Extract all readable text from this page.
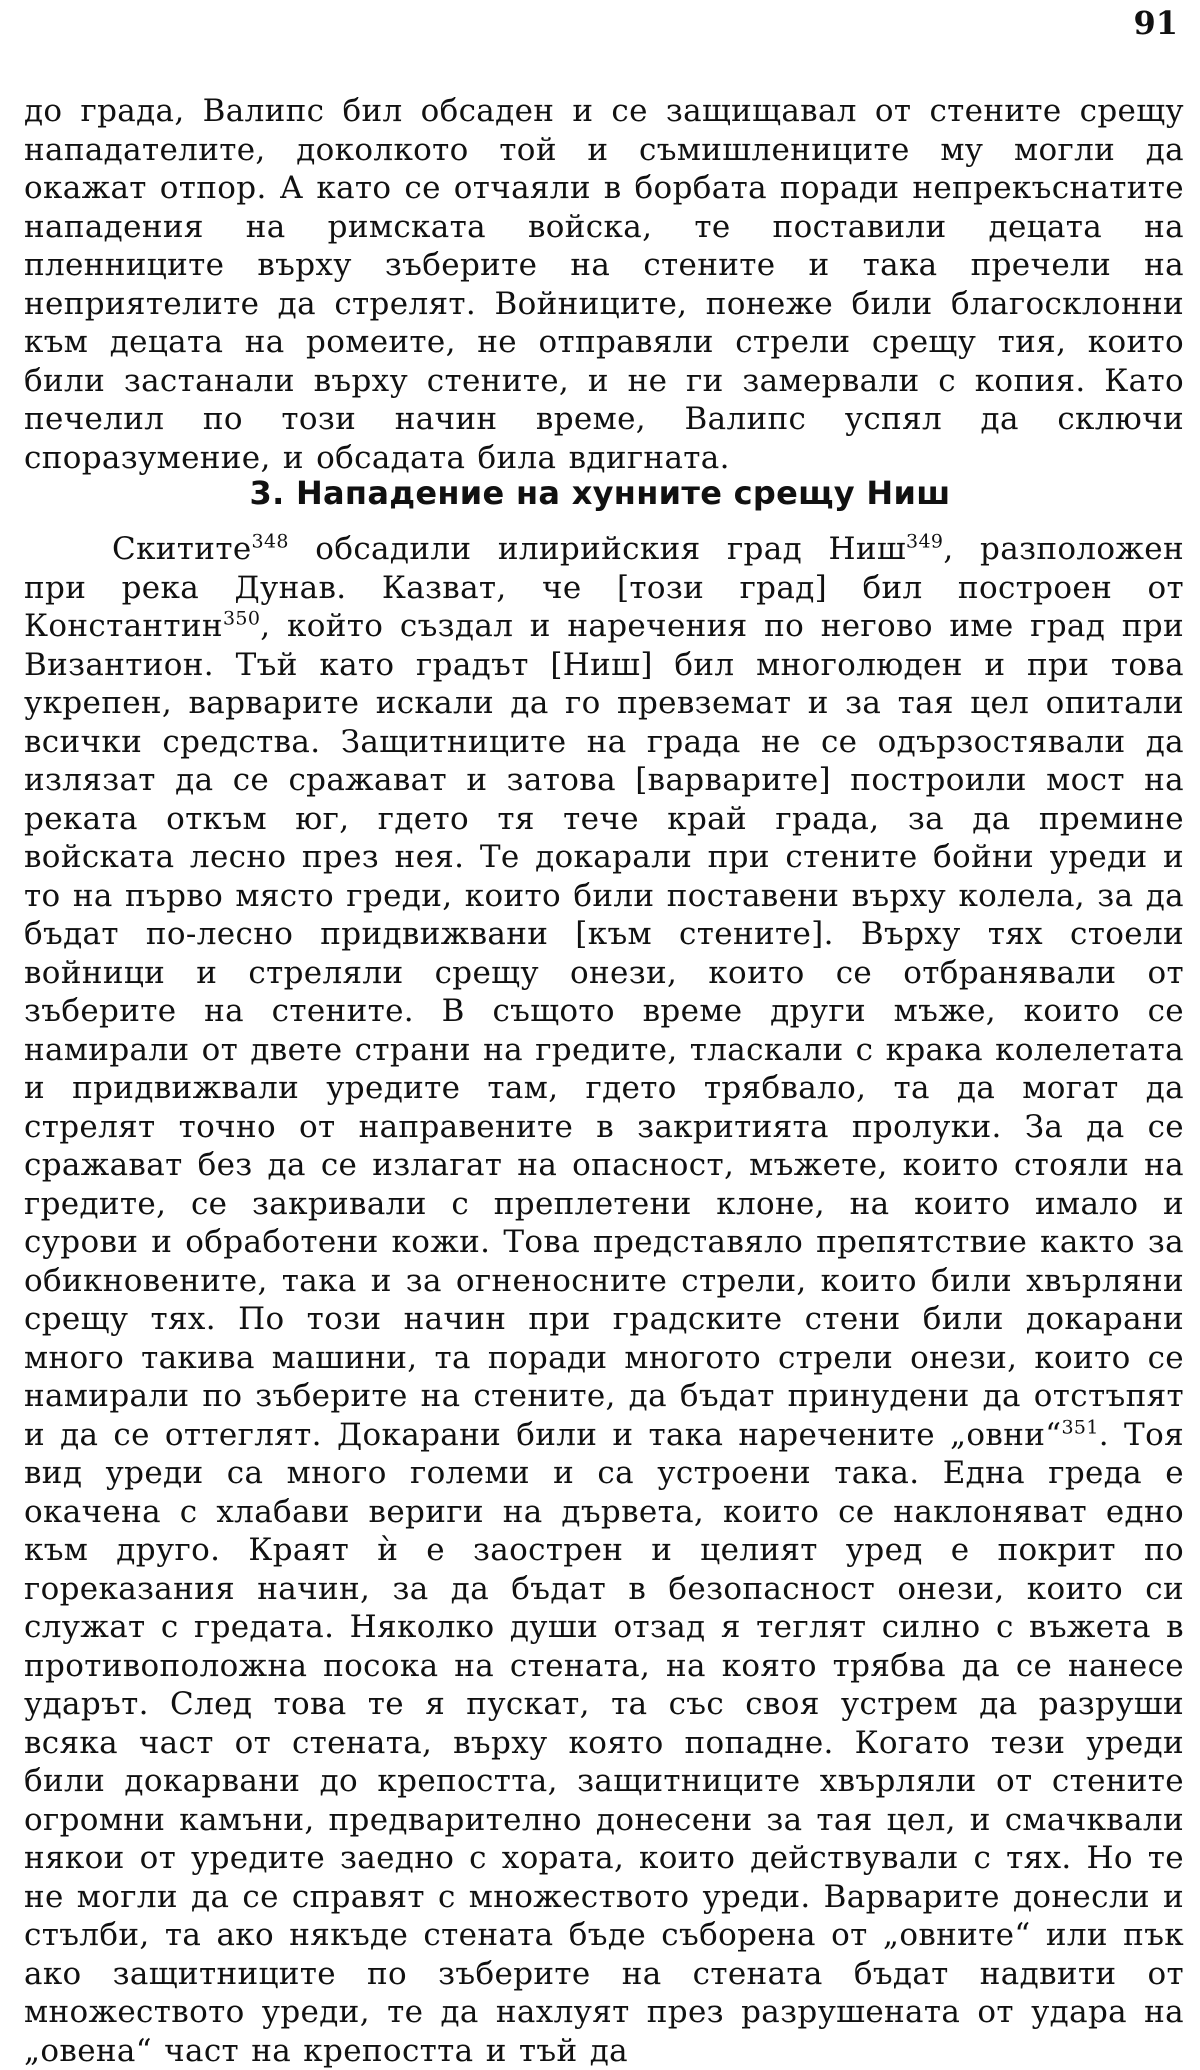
91

до града, Валипс бил обсаден и се защищавал от стените срещу нападателите, доколкото той и съмишлениците му могли да окажат отпор. А като се отчаяли в борбата поради непрекъснатите нападения на римската войска, те поставили децата на пленниците върху зъберите на стените и така пречели на неприятелите да стрелят. Войниците, понеже били благосклонни към децата на ромеите, не отправяли стрели срещу тия, които били застанали върху стените, и не ги замервали с копия. Като печелил по този начин време, Валипс успял да сключи споразумение, и обсадата била вдигната.

3. Нападение на хунните срещу Ниш

Скитите$^{348}$ обсадили илирийския град Ниш$^{349}$, разположен при река Дунав. Казват, че [този град] бил построен от Константин$^{350}$, който създал и наречения по негово име град при Византион. Тъй като градът [Ниш] бил многолюден и при това укрепен, варварите искали да го превземат и за тая цел опитали всички средства. Защитниците на града не се одързостявали да излязат да се сражават и затова [варварите] построили мост на реката откъм юг, гдето тя тече край града, за да премине войската лесно през нея. Те докарали при стените бойни уреди и то на първо място греди, които били поставени върху колела, за да бъдат по-лесно придвижвани [към стените]. Върху тях стоели войници и стреляли срещу онези, които се отбранявали от зъберите на стените. В същото време други мъже, които се намирали от двете страни на гредите, тласкали с крака колелетата и придвижвали уредите там, гдето трябвало, та да могат да стрелят точно от направените в закритията пролуки. За да се сражават без да се излагат на опасност, мъжете, които стояли на гредите, се закривали с преплетени клоне, на които имало и сурови и обработени кожи. Това представяло препятствие както за обикновените, така и за огненосните стрели, които били хвърляни срещу тях. По този начин при градските стени били докарани много такива машини, та поради многото стрели онези, които се намирали по зъберите на стените, да бъдат принудени да отстъпят и да се оттеглят. Докарани били и така наречените „овни“$^{351}$. Тоя вид уреди са много големи и са устроени така. Една греда е окачена с хлабави вериги на дървета, които се наклоняват едно към друго. Краят ѝ е заострен и целият уред е покрит по гореказания начин, за да бъдат в безопасност онези, които си служат с гредата. Няколко души отзад я теглят силно с въжета в противоположна посока на стената, на която трябва да се нанесе ударът. След това те я пускат, та със своя устрем да разруши всяка част от стената, върху която попадне. Когато тези уреди били докарвани до крепостта, защитниците хвърляли от стените огромни камъни, предварително донесени за тая цел, и смачквали някои от уредите заедно с хората, които действували с тях. Но те не могли да се справят с множеството уреди. Варварите донесли и стълби, та ако някъде стената бъде съборена от „овните“ или пък ако защитниците по зъберите на стената бъдат надвити от множеството уреди, те да нахлуят през разрушената от удара на „овена“ част на крепостта и тъй да
